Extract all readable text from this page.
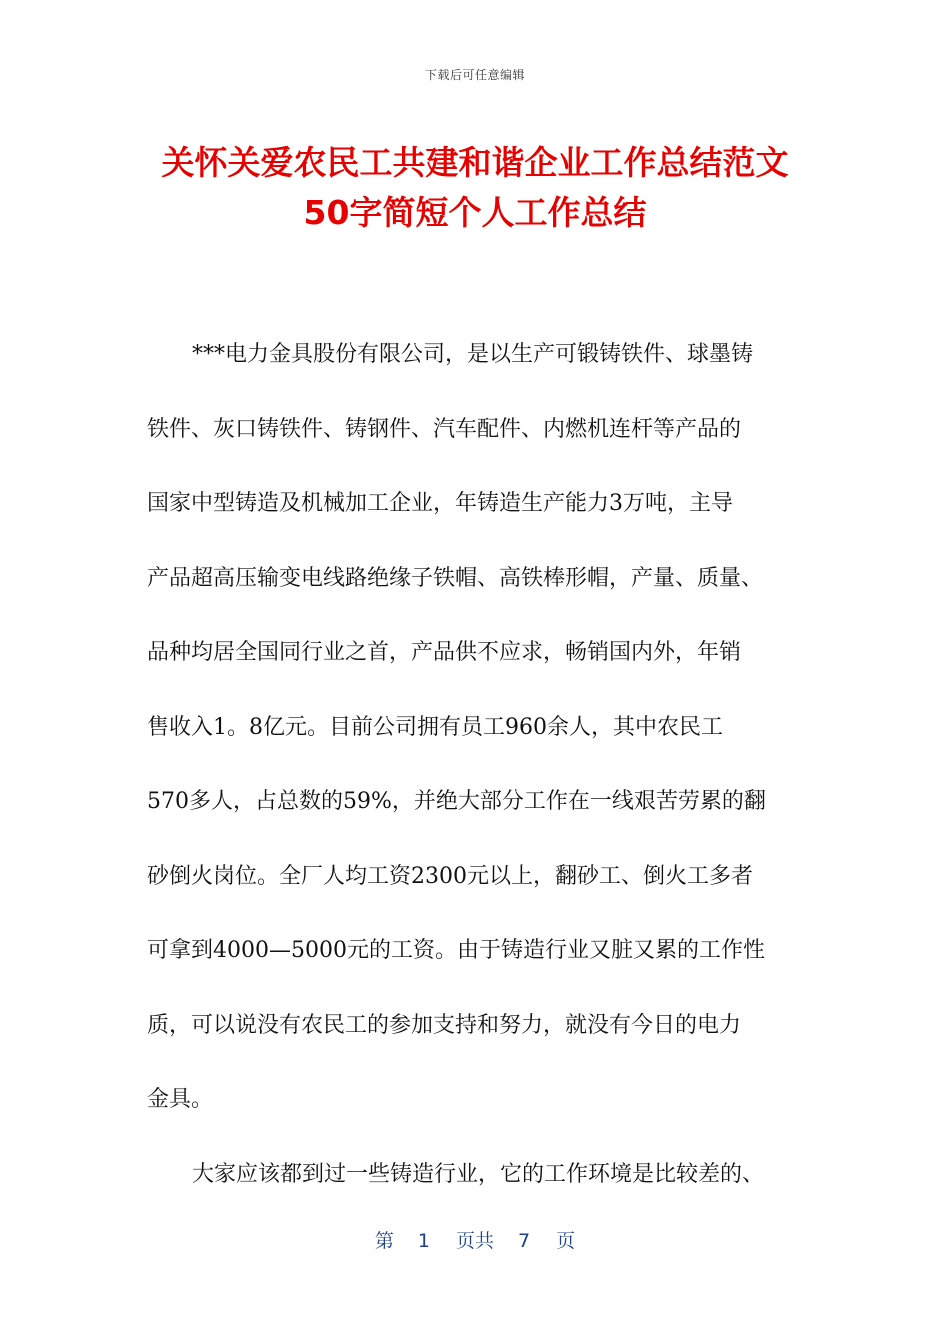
下载后可任意编辑
关怀关爱农民工共建和谐企业工作总结范文
50字简短个人工作总结
***电力金具股份有限公司，是以生产可锻铸铁件、球墨铸
铁件、灰口铸铁件、铸钢件、汽车配件、内燃机连杆等产品的
国家中型铸造及机械加工企业，年铸造生产能力3万吨，主导
产品超高压输变电线路绝缘子铁帽、高铁棒形帽，产量、质量、
品种均居全国同行业之首，产品供不应求，畅销国内外，年销
售收入1。8亿元。目前公司拥有员工960余人，其中农民工
570多人，占总数的59%，并绝大部分工作在一线艰苦劳累的翻
砂倒火岗位。全厂人均工资2300元以上，翻砂工、倒火工多者
可拿到4000—5000元的工资。由于铸造行业又脏又累的工作性
质，可以说没有农民工的参加支持和努力，就没有今日的电力
金具。
大家应该都到过一些铸造行业，它的工作环境是比较差的、
第 1 页共 7 页
